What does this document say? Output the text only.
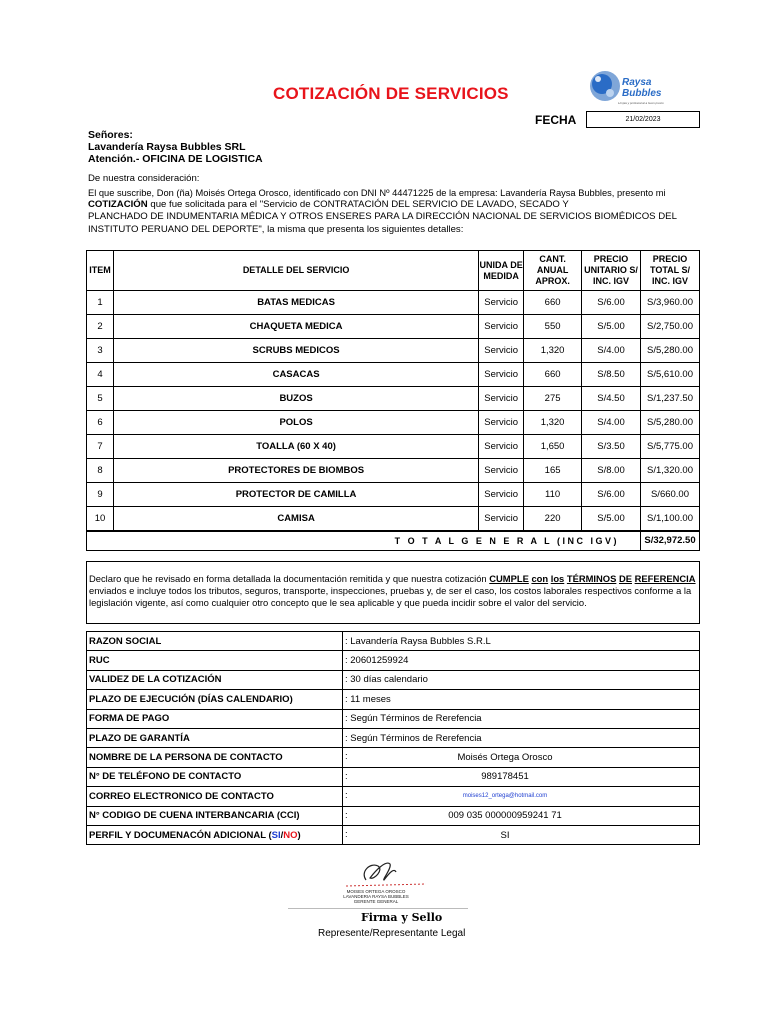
COTIZACIÓN DE SERVICIOS
Raysa
Bubbles
Limpia y profesional a buen precio
FECHA	21/02/2023
Señores:
Lavandería Raysa Bubbles SRL
Atención.- OFICINA DE LOGISTICA
De nuestra consideración:
El que suscribe, Don (ña) Moisés Ortega Orosco, identificado con DNI Nº 44471225 de la empresa: Lavandería Raysa Bubbles, presento mi
COTIZACIÓN que fue solicitada para el "Servicio de CONTRATACIÓN DEL SERVICIO DE LAVADO, SECADO Y
PLANCHADO DE INDUMENTARIA MÉDICA Y OTROS ENSERES PARA LA DIRECCIÓN NACIONAL DE SERVICIOS BIOMÉDICOS DEL
INSTITUTO PERUANO DEL DEPORTE", la misma que presenta los siguientes detalles:
ITEM	DETALLE DEL SERVICIO	UNIDA DE MEDIDA	CANT. ANUAL APROX.	PRECIO UNITARIO S/ INC. IGV	PRECIO TOTAL S/ INC. IGV
1	BATAS MEDICAS	Servicio	660	S/6.00	S/3,960.00
2	CHAQUETA MEDICA	Servicio	550	S/5.00	S/2,750.00
3	SCRUBS MEDICOS	Servicio	1,320	S/4.00	S/5,280.00
4	CASACAS	Servicio	660	S/8.50	S/5,610.00
5	BUZOS	Servicio	275	S/4.50	S/1,237.50
6	POLOS	Servicio	1,320	S/4.00	S/5,280.00
7	TOALLA (60 X 40)	Servicio	1,650	S/3.50	S/5,775.00
8	PROTECTORES DE BIOMBOS	Servicio	165	S/8.00	S/1,320.00
9	PROTECTOR DE CAMILLA	Servicio	110	S/6.00	S/660.00
10	CAMISA	Servicio	220	S/5.00	S/1,100.00
T O T A L G E N E R A L (INC IGV)	S/32,972.50
Declaro que he revisado en forma detallada la documentación remitida y que nuestra cotización CUMPLE con los TÉRMINOS DE REFERENCIA enviados e incluye todos los tributos, seguros, transporte, inspecciones, pruebas y, de ser el caso, los costos laborales respectivos conforme a la legislación vigente, así como cualquier otro concepto que le sea aplicable y que pueda incidir sobre el valor del servicio.
RAZON SOCIAL	: Lavandería Raysa Bubbles S.R.L
RUC	: 20601259924
VALIDEZ DE LA COTIZACIÓN	: 30 días calendario
PLAZO DE EJECUCIÓN (DÍAS CALENDARIO)	: 11 meses
FORMA DE PAGO	: Según Términos de Rerefencia
PLAZO DE GARANTÍA	: Según Términos de Rerefencia
NOMBRE DE LA PERSONA DE CONTACTO	: Moisés Ortega Orosco

N° DE TELÉFONO DE CONTACTO	: 989178451

CORREO ELECTRONICO DE CONTACTO	: moises12_ortega@hotmail.com

N° CODIGO DE CUENA INTERBANCARIA (CCI)	: 009 035 000000959241 71

PERFIL Y DOCUMENACÓN ADICIONAL (SI/NO)	: SI
MOISES ORTEGA OROSCO
LAVANDERIA RAYSA BUBBLES
GERENTE GENERAL
Firma y Sello
Represente/Representante Legal
